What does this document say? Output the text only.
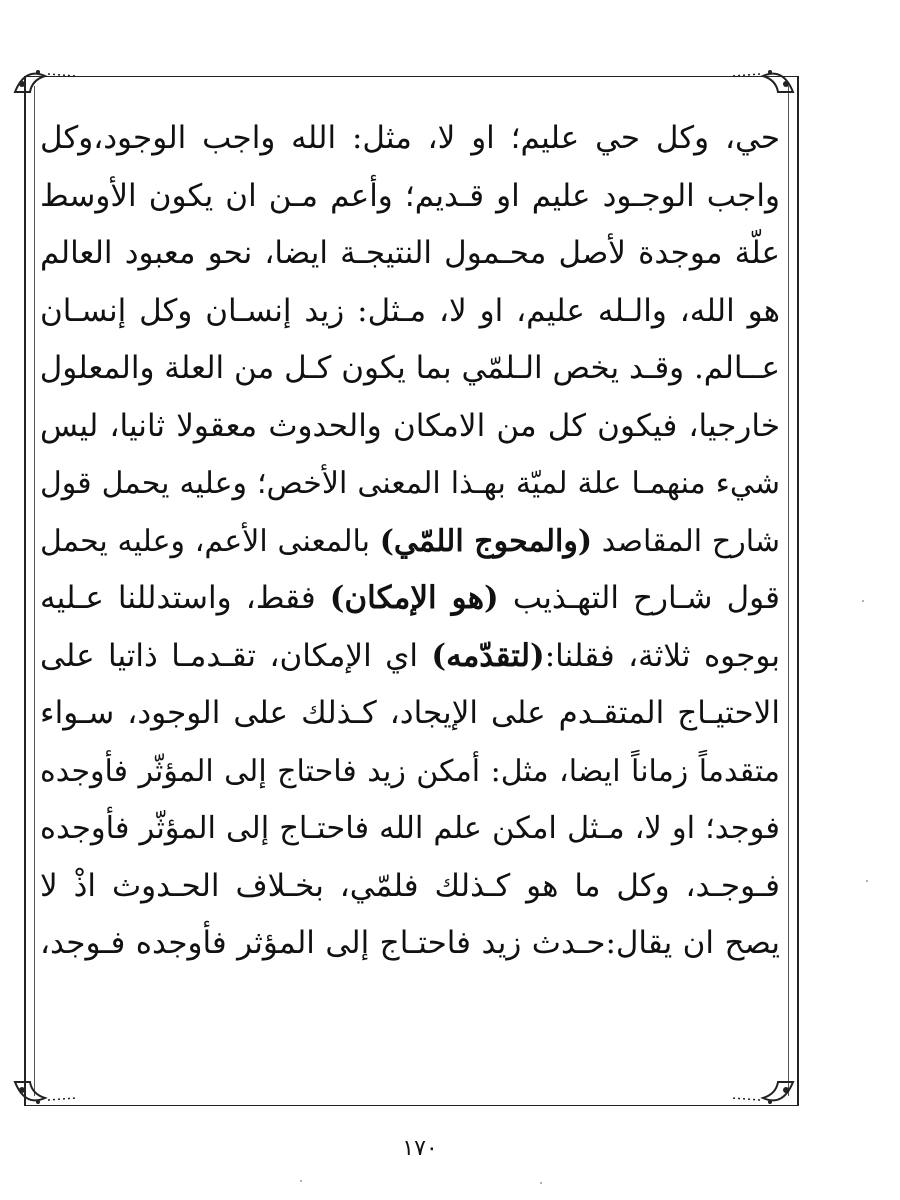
حي، وكل حي عليم؛ او لا، مثل: الله واجب الوجود،وكل
واجب الوجـود عليم او قـديم؛ وأعم مـن ان يكون الأوسط
علّة موجدة لأصل محـمول النتيجـة ايضا، نحو معبود العالم
هو الله، والـله عليم، او لا، مـثل: زيد إنسـان وكل إنسـان
عــالم. وقـد يخص الـلمّي بما يكون كـل من العلة والمعلول
خارجيا، فيكون كل من الامكان والحدوث معقولا ثانيا، ليس
شيء منهمـا علة لميّة بهـذا المعنى الأخص؛ وعليه يحمل قول
شارح المقاصد (والمحوج اللمّي) بالمعنى الأعم، وعليه يحمل
قول شـارح التهـذيب (هو الإمكان) فقط، واستدللنا عـليه
بوجوه ثلاثة، فقلنا:(لتقدّمه) اي الإمكان، تقـدمـا ذاتيا على
الاحتيـاج المتقـدم على الإيجاد، كـذلك على الوجود، سـواء
متقدماً زماناً ايضا، مثل: أمكن زيد فاحتاج إلى المؤثّر فأوجده
فوجد؛ او لا، مـثل امكن علم الله فاحتـاج إلى المؤثّر فأوجده
فـوجـد، وكل ما هو كـذلك فلمّي، بخـلاف الحـدوث اذْ لا
يصح ان يقال:حـدث زيد فاحتـاج إلى المؤثر فأوجده فـوجد،
١٧٠
